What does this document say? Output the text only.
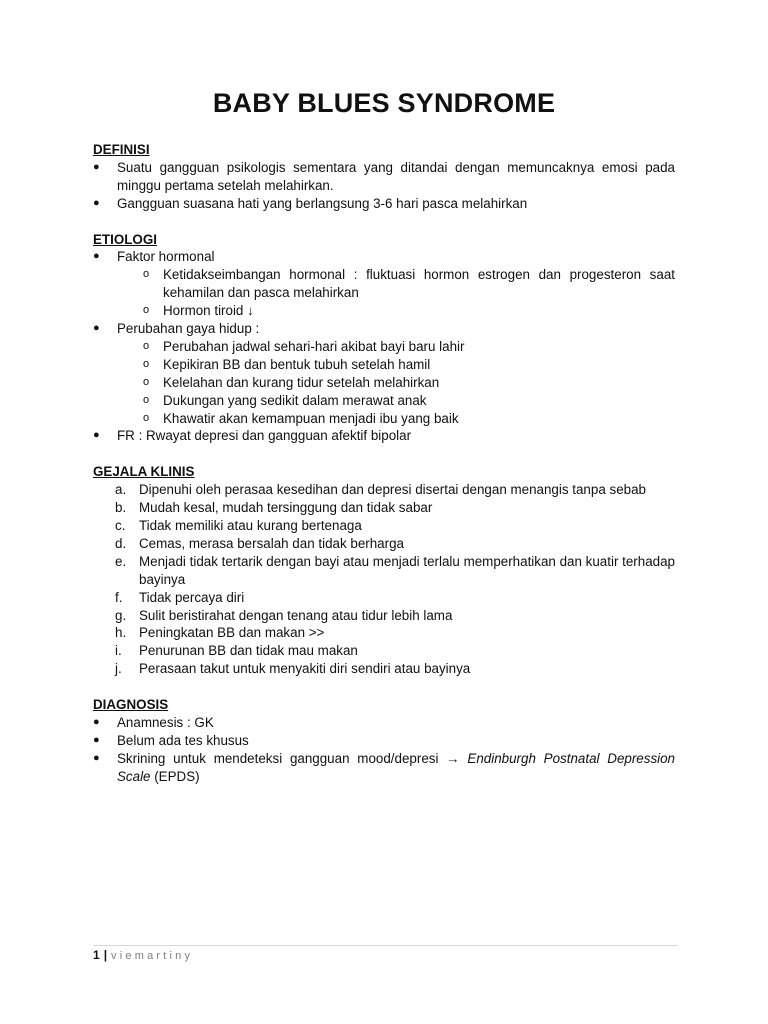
BABY BLUES SYNDROME
DEFINISI
●	Suatu gangguan psikologis sementara yang ditandai dengan memuncaknya emosi pada minggu pertama setelah melahirkan.
●	Gangguan suasana hati yang berlangsung 3-6 hari pasca melahirkan
ETIOLOGI
●	Faktor hormonal
o Ketidakseimbangan hormonal : fluktuasi hormon estrogen dan progesteron saat kehamilan dan pasca melahirkan
o Hormon tiroid ↓
●	Perubahan gaya hidup :
o Perubahan jadwal sehari-hari akibat bayi baru lahir
o Kepikiran BB dan bentuk tubuh setelah hamil
o Kelelahan dan kurang tidur setelah melahirkan
o Dukungan yang sedikit dalam merawat anak
o Khawatir akan kemampuan menjadi ibu yang baik
●	FR : Rwayat depresi dan gangguan afektif bipolar
GEJALA KLINIS
a. Dipenuhi oleh perasaa kesedihan dan depresi disertai dengan menangis tanpa sebab
b. Mudah kesal, mudah tersinggung dan tidak sabar
c. Tidak memiliki atau kurang bertenaga
d. Cemas, merasa bersalah dan tidak berharga
e. Menjadi tidak tertarik dengan bayi atau menjadi terlalu memperhatikan dan kuatir terhadap bayinya
f. Tidak percaya diri
g. Sulit beristirahat dengan tenang atau tidur lebih lama
h. Peningkatan BB dan makan >>
i. Penurunan BB dan tidak mau makan
j. Perasaan takut untuk menyakiti diri sendiri atau bayinya
DIAGNOSIS
●	Anamnesis : GK
●	Belum ada tes khusus
●	Skrining untuk mendeteksi gangguan mood/depresi → Endinburgh Postnatal Depression Scale (EPDS)
1 | viemartiny
